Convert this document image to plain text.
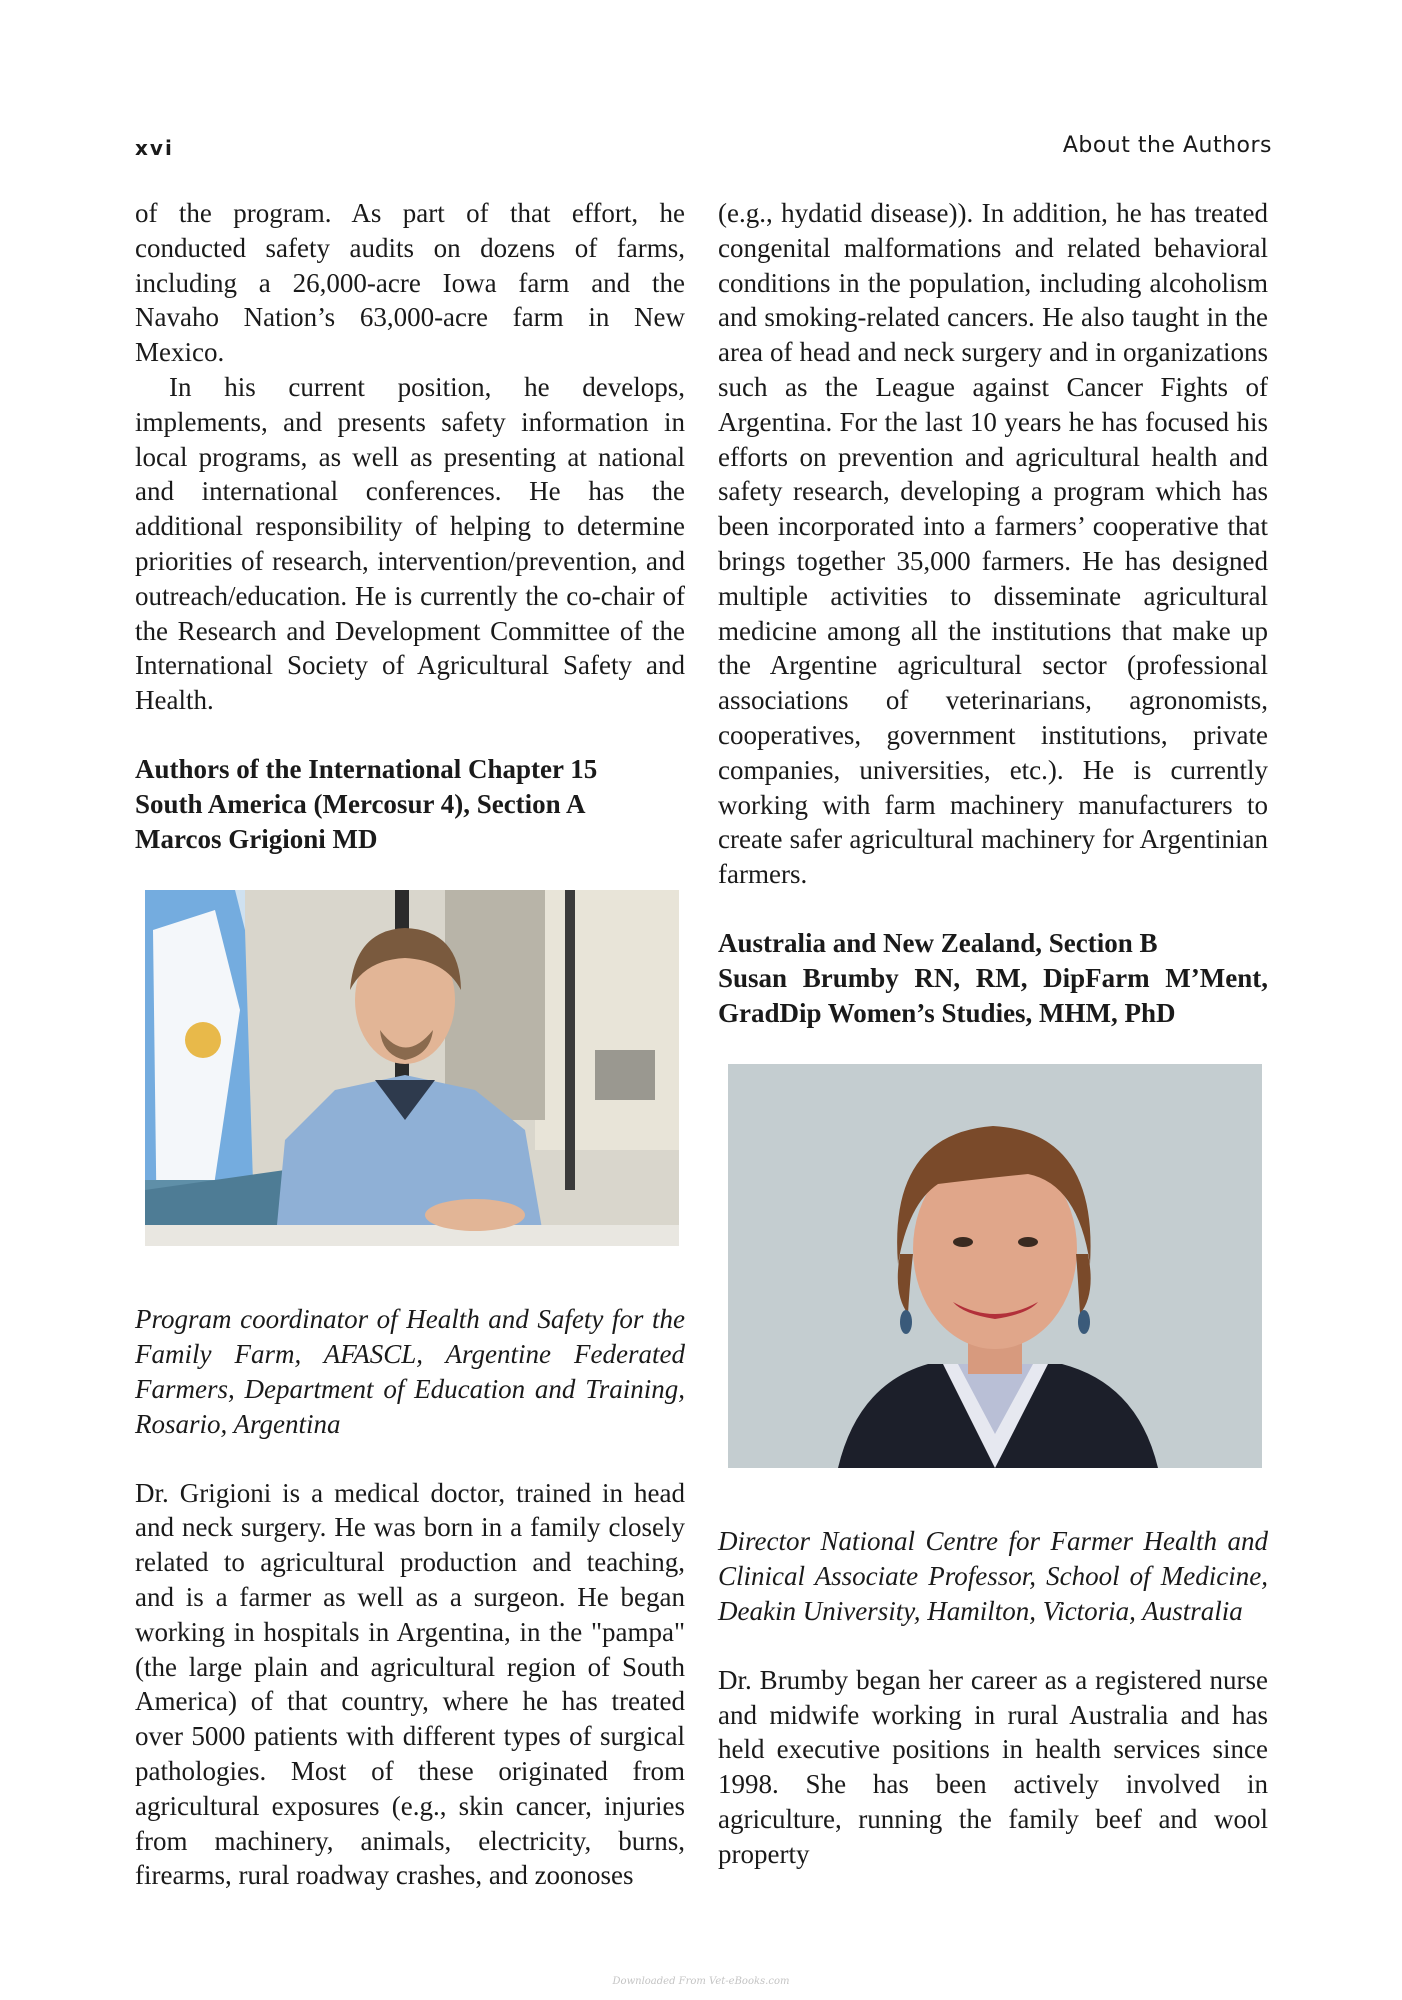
xvi	About the Authors

of the program. As part of that effort, he conducted safety audits on dozens of farms, including a 26,000-acre Iowa farm and the Navaho Nation’s 63,000-acre farm in New Mexico.

In his current position, he develops, implements, and presents safety information in local programs, as well as presenting at national and international conferences. He has the additional responsibility of helping to determine priorities of research, intervention/prevention, and outreach/education. He is currently the co-chair of the Research and Development Committee of the International Society of Agricultural Safety and Health.

Authors of the International Chapter 15
South America (Mercosur 4), Section A
Marcos Grigioni MD

Program coordinator of Health and Safety for the Family Farm, AFASCL, Argentine Federated Farmers, Department of Education and Training, Rosario, Argentina

Dr. Grigioni is a medical doctor, trained in head and neck surgery. He was born in a family closely related to agricultural production and teaching, and is a farmer as well as a surgeon. He began working in hospitals in Argentina, in the "pampa" (the large plain and agricultural region of South America) of that country, where he has treated over 5000 patients with different types of surgical pathologies. Most of these originated from agricultural exposures (e.g., skin cancer, injuries from machinery, animals, electricity, burns, firearms, rural roadway crashes, and zoonoses

(e.g., hydatid disease)). In addition, he has treated congenital malformations and related behavioral conditions in the population, including alcoholism and smoking-related cancers. He also taught in the area of head and neck surgery and in organizations such as the League against Cancer Fights of Argentina. For the last 10 years he has focused his efforts on prevention and agricultural health and safety research, developing a program which has been incorporated into a farmers’ cooperative that brings together 35,000 farmers. He has designed multiple activities to disseminate agricultural medicine among all the institutions that make up the Argentine agricultural sector (professional associations of veterinarians, agronomists, cooperatives, government institutions, private companies, universities, etc.). He is currently working with farm machinery manufacturers to create safer agricultural machinery for Argentinian farmers.

Australia and New Zealand, Section B
Susan Brumby RN, RM, DipFarm M’Ment, GradDip Women’s Studies, MHM, PhD

Director National Centre for Farmer Health and Clinical Associate Professor, School of Medicine, Deakin University, Hamilton, Victoria, Australia

Dr. Brumby began her career as a registered nurse and midwife working in rural Australia and has held executive positions in health services since 1998. She has been actively involved in agriculture, running the family beef and wool property

Downloaded From Vet-eBooks.com
